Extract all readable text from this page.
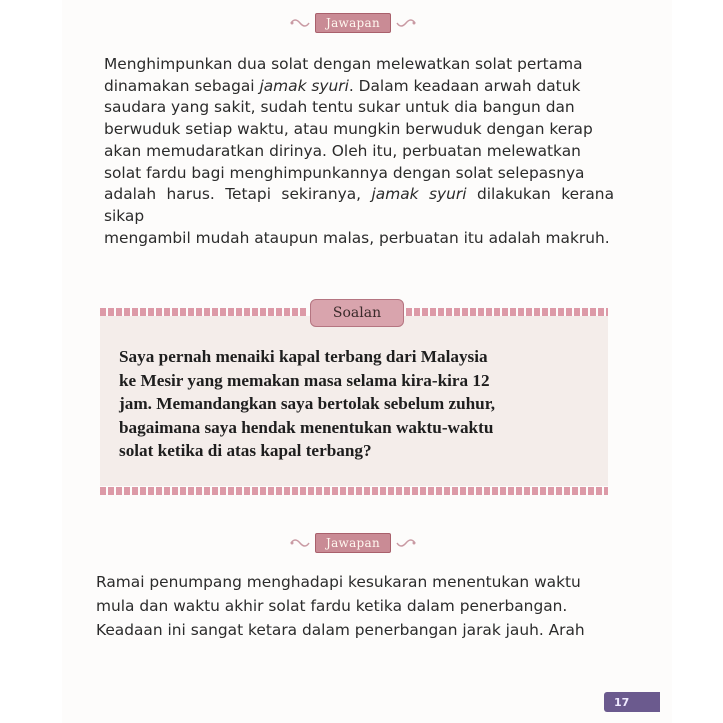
Jawapan

Menghimpunkan dua solat dengan melewatkan solat pertama

dinamakan sebagai jamak syuri. Dalam keadaan arwah datuk

saudara yang sakit, sudah tentu sukar untuk dia bangun dan

berwuduk setiap waktu, atau mungkin berwuduk dengan kerap

akan memudaratkan dirinya. Oleh itu, perbuatan melewatkan

solat fardu bagi menghimpunkannya dengan solat selepasnya

adalah harus. Tetapi sekiranya, jamak syuri dilakukan kerana sikap

mengambil mudah ataupun malas, perbuatan itu adalah makruh.

Soalan
Saya pernah menaiki kapal terbang dari Malaysia
ke Mesir yang memakan masa selama kira-kira 12
jam. Memandangkan saya bertolak sebelum zuhur,
bagaimana saya hendak menentukan waktu-waktu
solat ketika di atas kapal terbang?
Jawapan

Ramai penumpang menghadapi kesukaran menentukan waktu

mula dan waktu akhir solat fardu ketika dalam penerbangan.

Keadaan ini sangat ketara dalam penerbangan jarak jauh. Arah

17
